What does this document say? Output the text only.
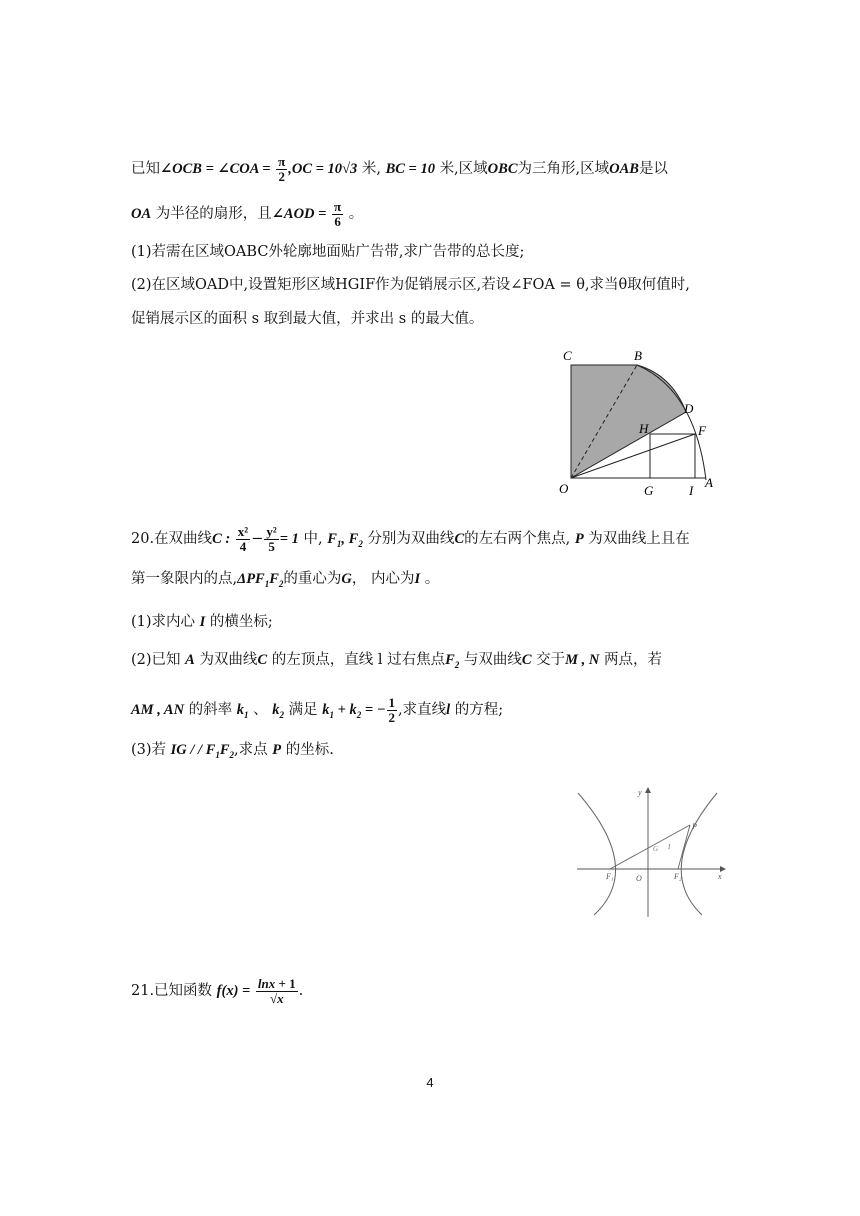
已知∠OCB = ∠COA = $\frac{\pi}{2} ,OC = 10√3$ 米, BC = 10 米,区域OBC为三角形,区域OAB是以
OA 为半径的扇形，且∠AOD = $\frac{\pi}{6}$ 。
(1)若需在区域OABC外轮廓地面贴广告带,求广告带的总长度;
(2)在区域OAD中,设置矩形区域HGIF作为促销展示区,若设∠FOA = θ,求当θ取何值时,
促销展示区的面积 s 取到最大值，并求出 s 的最大值。
C	B
D
H	F
O	G	I
A
20.在双曲线C : $\frac{\text{x²}}{4} - \frac{\text{y²}}{5} = 1$ 中, $F_1$, $F_2$ 分别为双曲线C的左右两个焦点, P 为双曲线上且在
第一象限内的点$,\Delta PF_1F_2$的重心为G， 内心为I 。
(1)求内心 I 的横坐标;
(2)已知 A 为双曲线C 的左顶点，直线 l 过右焦点$F_2$ 与双曲线C 交于M , N 两点，若
AM , AN 的斜率 $k_1$ 、 $k_2$ 满足 $k_1 + k_2$ = − $\frac{1}{2}$ ,求直线l 的方程;
(3)若 IG / / $F_1F_2$,求点 P 的坐标.
F₁	O	F₂
P
G I
y
x
21.已知函数 $f(x) = \frac{\ln x + 1}{√x}$ .
4
